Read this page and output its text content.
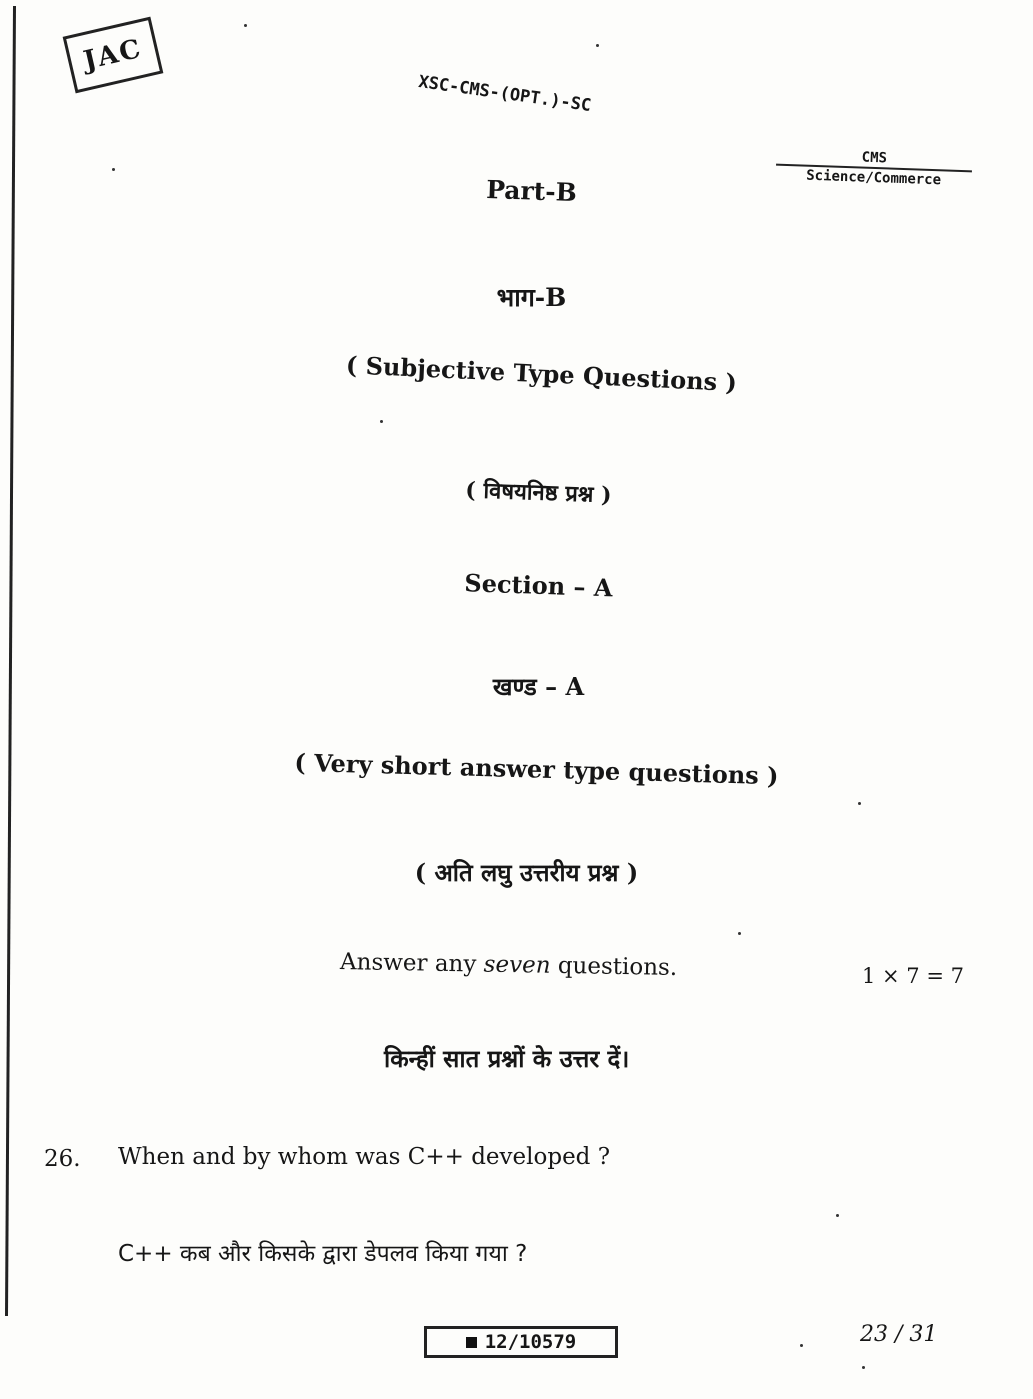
JAC
XSC-CMS-(OPT.)-SC
CMS
Science/Commerce
Part-B
भाग-B
( Subjective Type Questions )
( विषयनिष्ठ प्रश्न )
Section – A
खण्ड – A
( Very short answer type questions )
( अति लघु उत्तरीय प्रश्न )
Answer any seven questions.	1 × 7 = 7
किन्हीं सात प्रश्नों के उत्तर दें।
26. When and by whom was C++ developed ?
C++ कब और किसके द्वारा डेपलव किया गया ?
12/10579	23 / 31
